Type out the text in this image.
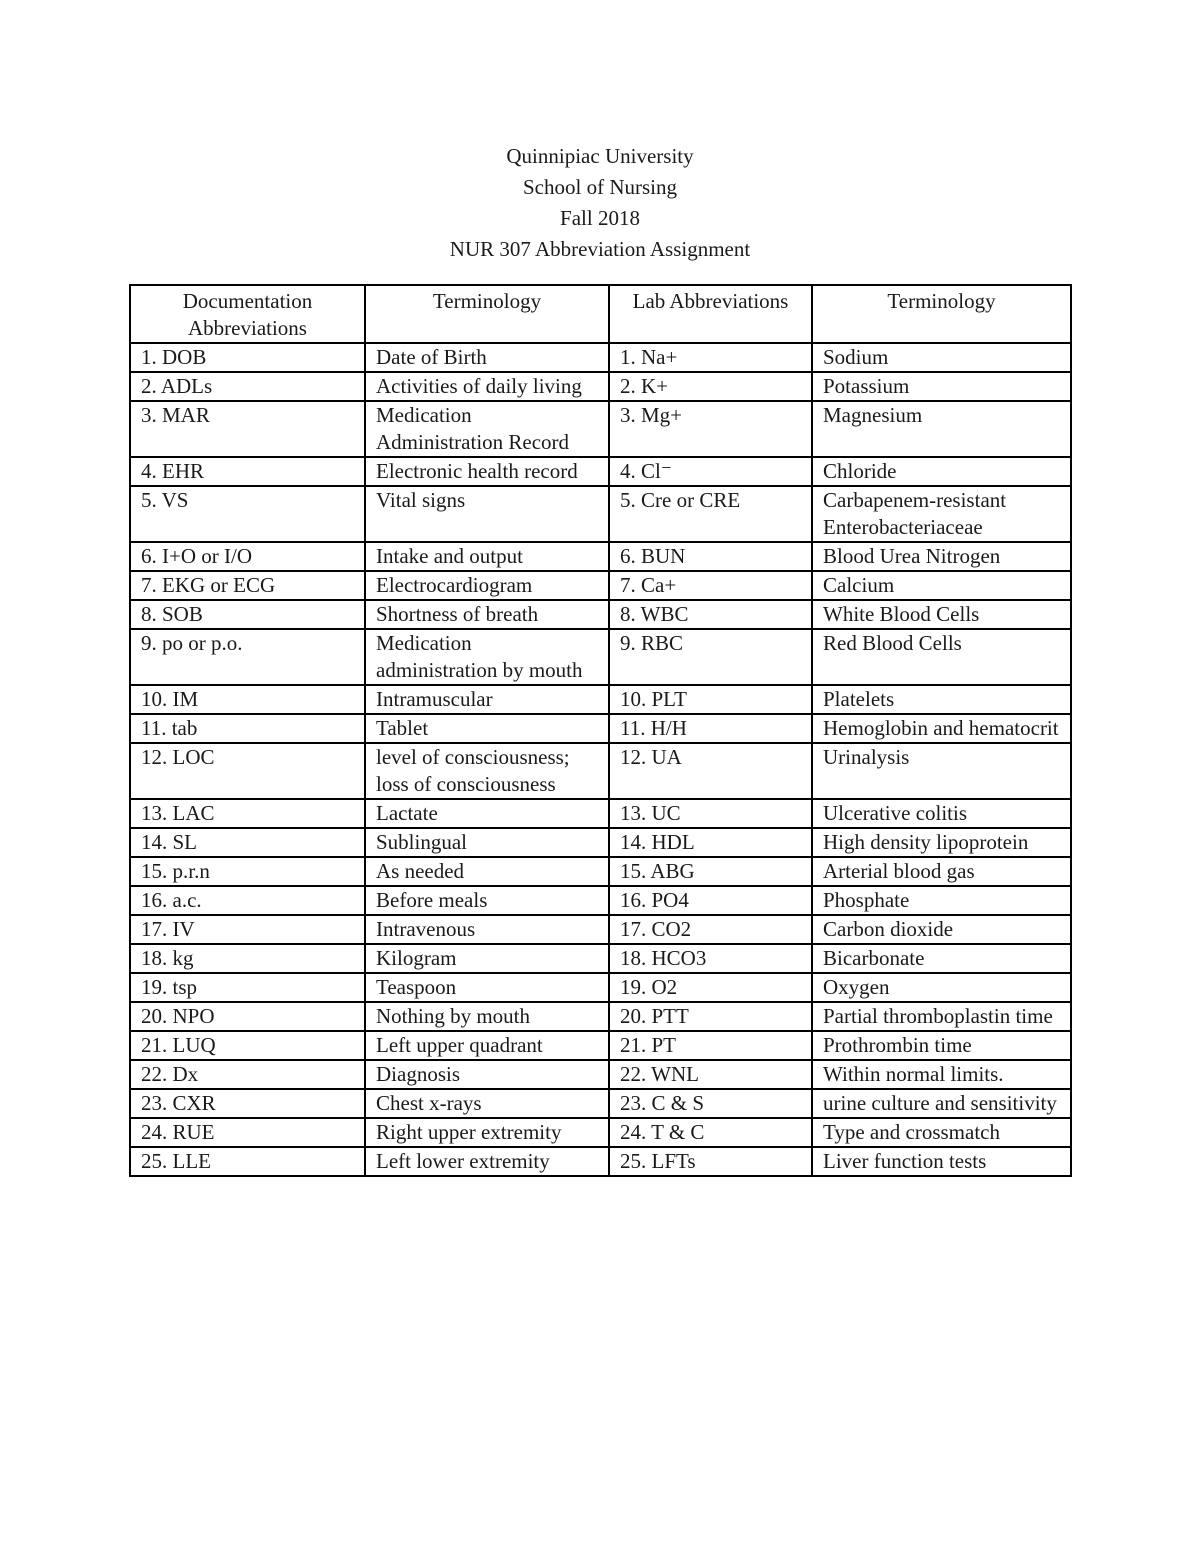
Quinnipiac University
School of Nursing
Fall 2018
NUR 307 Abbreviation Assignment
Documentation Abbreviations	Terminology	Lab Abbreviations	Terminology
1. DOB	Date of Birth	1. Na+	Sodium
2. ADLs	Activities of daily living	2. K+	Potassium
3. MAR	Medication Administration Record	3. Mg+	Magnesium
4. EHR	Electronic health record	4. Cl⁻	Chloride
5. VS	Vital signs	5. Cre or CRE	Carbapenem-resistant Enterobacteriaceae
6. I+O or I/O	Intake and output	6. BUN	Blood Urea Nitrogen
7. EKG or ECG	Electrocardiogram	7. Ca+	Calcium
8. SOB	Shortness of breath	8. WBC	White Blood Cells
9. po or p.o.	Medication administration by mouth	9. RBC	Red Blood Cells
10. IM	Intramuscular	10. PLT	Platelets
11. tab	Tablet	11. H/H	Hemoglobin and hematocrit
12. LOC	level of consciousness; loss of consciousness	12. UA	Urinalysis
13. LAC	Lactate	13. UC	Ulcerative colitis
14. SL	Sublingual	14. HDL	High density lipoprotein
15. p.r.n	As needed	15. ABG	Arterial blood gas
16. a.c.	Before meals	16. PO4	Phosphate
17. IV	Intravenous	17. CO2	Carbon dioxide
18. kg	Kilogram	18. HCO3	Bicarbonate
19. tsp	Teaspoon	19. O2	Oxygen
20. NPO	Nothing by mouth	20. PTT	Partial thromboplastin time
21. LUQ	Left upper quadrant	21. PT	Prothrombin time
22. Dx	Diagnosis	22. WNL	Within normal limits.
23. CXR	Chest x-rays	23. C & S	urine culture and sensitivity
24. RUE	Right upper extremity	24. T & C	Type and crossmatch
25. LLE	Left lower extremity	25. LFTs	Liver function tests
